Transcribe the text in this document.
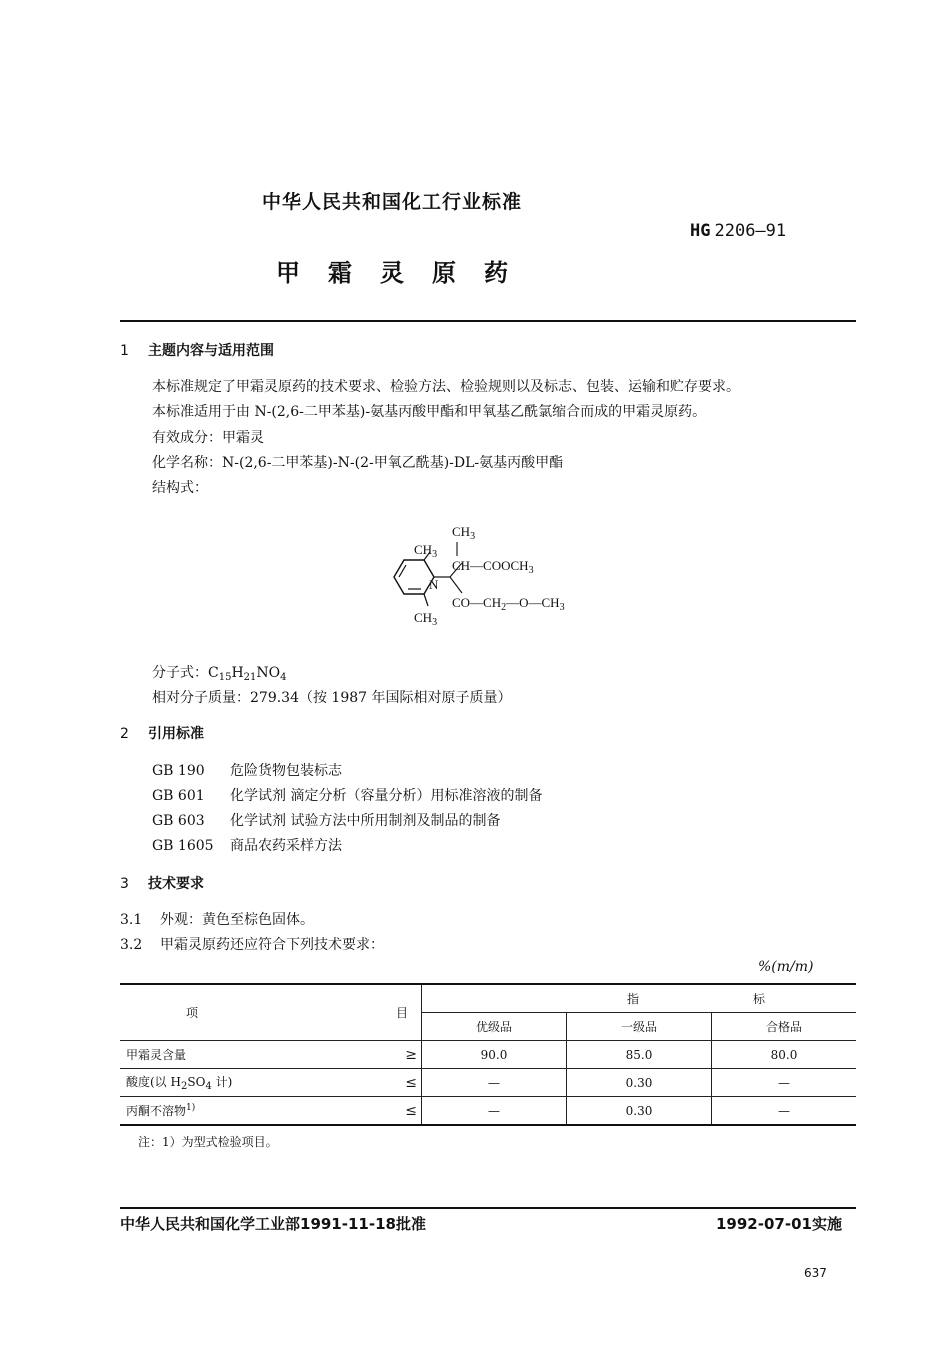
中华人民共和国化工行业标准
HG 2206—91
甲霜灵原药
1 主题内容与适用范围
本标准规定了甲霜灵原药的技术要求、检验方法、检验规则以及标志、包装、运输和贮存要求。
本标准适用于由 N-(2,6-二甲苯基)-氨基丙酸甲酯和甲氧基乙酰氯缩合而成的甲霜灵原药。
有效成分：甲霜灵
化学名称：N-(2,6-二甲苯基)-N-(2-甲氧乙酰基)-DL-氨基丙酸甲酯
结构式：
$CH_3$
$CH_3$
$CH—COOCH_3$
N
$CO—CH_2—O—CH_3$
$CH_3$
分子式：$C_{15}H_{21}NO_4$
相对分子质量：279.34（按 1987 年国际相对原子质量）
2 引用标准
GB 190 危险货物包装标志
GB 601 化学试剂 滴定分析（容量分析）用标准溶液的制备
GB 603 化学试剂 试验方法中所用制剂及制品的制备
GB 1605 商品农药采样方法
3 技术要求
3.1 外观：黄色至棕色固体。
3.2 甲霜灵原药还应符合下列技术要求：
%(m/m)
项 目		指 标		
		优级品	一级品	合格品
甲霜灵含量	≥	90.0	85.0	80.0
酸度(以 $H_2SO_4$ 计)	≤	—	0.30	—
丙酮不溶物$^{1)}$	≤	—	0.30	—
注：1）为型式检验项目。
中华人民共和国化学工业部1991-11-18批准	1992-07-01实施
637
